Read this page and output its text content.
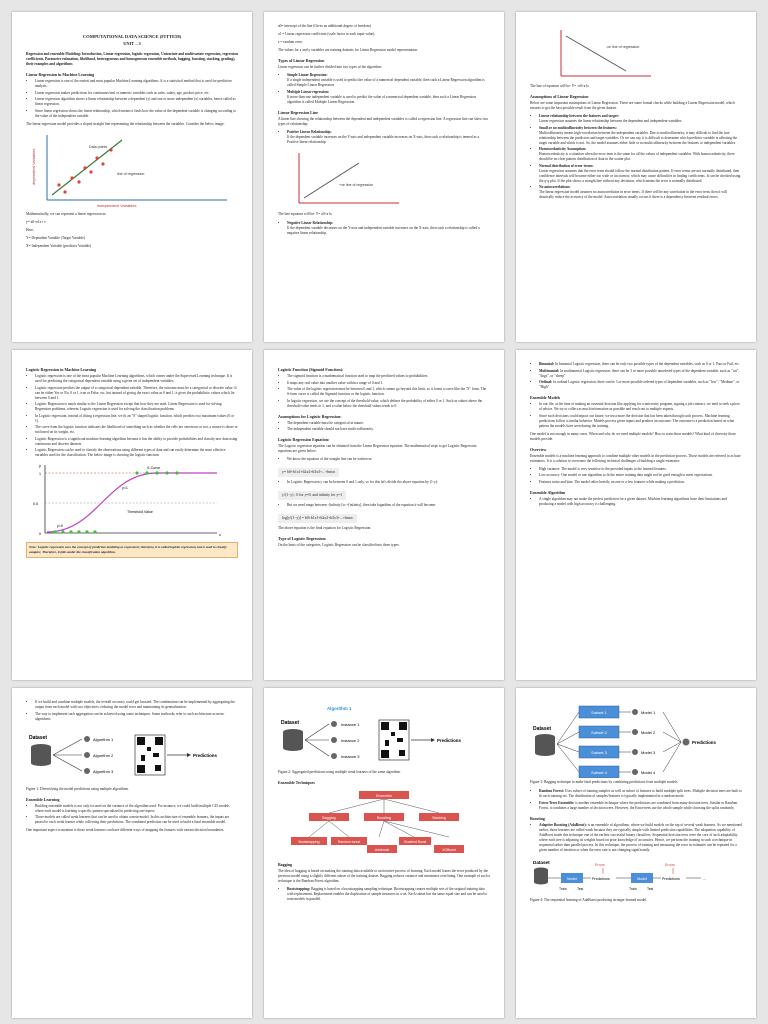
COMPUTATIONAL DATA SCIENCE (FITTE58)
UNIT – 3

Regression and ensemble Modeling: Introduction, Linear regression, logistic regression, Univariate and multivariate regression, regression coefficients, Parameter estimation, likelihood, heterogeneous and homogeneous ensemble methods, bagging, boosting, stacking, grading), their examples and algorithms

Linear Regression in Machine Learning
• Linear regression is one of the easiest and most popular Machine Learning algorithms. It is a statistical method that is used for predictive analysis.
• Linear regression makes predictions for continuous/real or numeric variables such as sales, salary, age, product price, etc.
• Linear regression algorithm shows a linear relationship between a dependent (y) and one or more independent (x) variables, hence called as linear regression.
• Since linear regression shows the linear relationship, which means it finds how the value of the dependent variable is changing according to the value of the independent variable.

The linear regression model provides a sloped straight line representing the relationship between the variables. Consider the below image:

dependent Variables
independent Variables
line of regression
Data points

Mathematically, we can represent a linear regression as:

y= a0+a1x+ ε

Here,

Y= Dependent Variable (Target Variable)

X= Independent Variable (predictor Variable)

a0= intercept of the line (Gives an additional degree of freedom)

a1 = Linear regression coefficient (scale factor to each input value).

ε = random error

The values for x and y variables are training datasets for Linear Regression model representation.

Types of Linear Regression

Linear regression can be further divided into two types of the algorithm:

• Simple Linear Regression:
If a single independent variable is used to predict the value of a numerical dependent variable, then such a Linear Regression algorithm is called Simple Linear Regression.
• Multiple Linear regression:
If more than one independent variable is used to predict the value of a numerical dependent variable, then such a Linear Regression algorithm is called Multiple Linear Regression.
Linear Regression Line

A linear line showing the relationship between the dependent and independent variables is called a regression line. A regression line can show two types of relationship:

• Positive Linear Relationship:
If the dependent variable increases on the Y-axis and independent variable increases on X-axis, then such a relationship is termed as a Positive linear relationship.
+ve line of regression

The line equation will be: Y= a0+a1x

• Negative Linear Relationship:
If the dependent variable decreases on the Y-axis and independent variable increases on the X-axis, then such a relationship is called a negative linear relationship.
-ve line of regression

The line of equation will be: Y= -a0+a1x

Assumptions of Linear Regression

Below are some important assumptions of Linear Regression. These are some formal checks while building a Linear Regression model, which ensures to get the best possible result from the given dataset.

• Linear relationship between the features and target:
Linear regression assumes the linear relationship between the dependent and independent variables.
• Small or no multicollinearity between the features:
Multicollinearity means high-correlation between the independent variables. Due to multicollinearity, it may difficult to find the true relationship between the predictors and target variables. Or we can say, it is difficult to determine which predictor variable is affecting the target variable and which is not. So, the model assumes either little or no multicollinearity between the features or independent variables.
• Homoscedasticity Assumption:
Homoscedasticity is a situation when the error term is the same for all the values of independent variables. With homoscedasticity, there should be no clear pattern distribution of data in the scatter plot.
• Normal distribution of error terms:
Linear regression assumes that the error term should follow the normal distribution pattern. If error terms are not normally distributed, then confidence intervals will become either too wide or too narrow, which may cause difficulties in finding coefficients. It can be checked using the q-q plot. If the plot shows a straight line without any deviation, which means the error is normally distributed.
• No autocorrelations:
The linear regression model assumes no autocorrelation in error terms. If there will be any correlation in the error term, then it will drastically reduce the accuracy of the model. Autocorrelation usually occurs if there is a dependency between residual errors.
Logistic Regression in Machine Learning
• Logistic regression is one of the most popular Machine Learning algorithms, which comes under the Supervised Learning technique. It is used for predicting the categorical dependent variable using a given set of independent variables.
• Logistic regression predicts the output of a categorical dependent variable. Therefore, the outcome must be a categorical or discrete value. It can be either Yes or No, 0 or 1, true or False, etc. but instead of giving the exact value as 0 and 1, it gives the probabilistic values which lie between 0 and 1.
• Logistic Regression is much similar to the Linear Regression except that how they are used. Linear Regression is used for solving Regression problems, whereas Logistic regression is used for solving the classification problems.
• In Logistic regression, instead of fitting a regression line, we fit an "S" shaped logistic function, which predicts two maximum values (0 or 1).
• The curve from the logistic function indicates the likelihood of something such as whether the cells are cancerous or not, a mouse is obese or not based on its weight, etc.
• Logistic Regression is a significant machine learning algorithm because it has the ability to provide probabilities and classify new data using continuous and discrete datasets.
• Logistic Regression can be used to classify the observations using different types of data and can easily determine the most effective variables used for the classification. The below image is showing the logistic function:
y
x
1
0.5
0
y=1
S-Curve
Threshold Value
y=0
Note: Logistic regression uses the concept of predictive modeling as regression; therefore, it is called logistic regression, but is used to classify samples; Therefore, it falls under the classification algorithm.
Logistic Function (Sigmoid Function):
• The sigmoid function is a mathematical function used to map the predicted values to probabilities.
• It maps any real value into another value within a range of 0 and 1.
• The value of the logistic regression must be between 0 and 1, which cannot go beyond this limit, so it forms a curve like the "S" form. The S-form curve is called the Sigmoid function or the logistic function.
• In logistic regression, we use the concept of the threshold value, which defines the probability of either 0 or 1. Such as values above the threshold value tends to 1, and a value below the threshold values tends to 0.
Assumptions for Logistic Regression:
• The dependent variable must be categorical in nature.
• The independent variable should not have multi-collinearity.
Logistic Regression Equation:

The Logistic regression equation can be obtained from the Linear Regression equation. The mathematical steps to get Logistic Regression equations are given below:

• We know the equation of the straight line can be written as:
y= b0+b1x1+b2x2+b3x3+...+bnxn
• In Logistic Regression y can be between 0 and 1 only, so for this let's divide the above equation by (1-y):
y/(1−y) ; 0 for y=0, and infinity for y=1
• But we need range between -[infinity] to +[infinity], then take logarithm of the equation it will become:
log[y/(1−y)] = b0+b1x1+b2x2+b3x3+...+bnxn

The above equation is the final equation for Logistic Regression.

Type of Logistic Regression:

On the basis of the categories, Logistic Regression can be classified into three types:

• Binomial: In binomial Logistic regression, there can be only two possible types of the dependent variables, such as 0 or 1, Pass or Fail, etc.
• Multinomial: In multinomial Logistic regression, there can be 3 or more possible unordered types of the dependent variable, such as "cat", "dogs", or "sheep"
• Ordinal: In ordinal Logistic regression, there can be 3 or more possible ordered types of dependent variables, such as "low", "Medium", or "High".
Ensemble Models
• In our life, at the time of making an essential decision like applying for a university program, signing a job contract, we tend to seek a piece of advice. We try to collect as much information as possible and reach out to multiple experts.
• Since such decisions could impact our future, we trust more the decision that has been taken through such process. Machine learning predictions follow a similar behavior. Models process given inputs and produce an outcome. The outcome is a prediction based on what pattern the models have seen during the training.

One model is not enough in many cases. When and why do we need multiple models? How to train those models? What kind of diversity those models provide.

Overview

Ensemble models is a machine learning approach to combine multiple other models in the prediction process. Those models are referred to as base estimators. It is a solution to overcome the following technical challenges of building a single estimator:

• High variance: The model is very sensitive to the provided inputs to the learned features.
• Low accuracy: One model or one algorithm to fit the entire training data might not be good enough to meet expectations.
• Features noise and bias: The model relies heavily on one or a few features while making a prediction.
Ensemble Algorithm
• A single algorithm may not make the perfect prediction for a given dataset. Machine learning algorithms have their limitations and producing a model with high accuracy is challenging.
• If we build and combine multiple models, the overall accuracy could get boosted. The combination can be implemented by aggregating the output from each model with two objectives: reducing the model error and maintaining its generalization.
• The way to implement such aggregation can be achieved using some techniques. Some textbooks refer to such architecture as meta-algorithms.
Dataset	Algorithm 1
Algorithm 2
Algorithm 3
Predictions

Figure 1: Diversifying the model predictions using multiple algorithms.

Ensemble Learning
• Building ensemble models is not only focused on the variance of the algorithm used. For instance, we could build multiple C45 models where each model is learning a specific pattern specialized in predicting one aspect.
• Those models are called weak learners that can be used to obtain a meta-model. In this architecture of ensemble learners, the inputs are passed to each weak learner while collecting their predictions. The combined prediction can be used to build a final ensemble model.

One important aspect to mention is those weak learners can have different ways of mapping the features with variant decision boundaries.

Algorithm 1
Dataset	Instance 1
Instance 2
Instance 3
Predictions

Figure 2: Aggregated predictions using multiple weak learners of the same algorithm.

Ensemble Techniques
Ensemble
Bagging	Boosting	Stacking
Bootstrapping	Random forest
Adaboost
Gradient Boost
XGBoost
Bagging

The idea of bagging is based on making the training data available to an iterative process of learning. Each model learns the error produced by the previous model using a slightly different subset of the training dataset. Bagging reduces variance and minimizes overfitting. One example of such a technique is the Random Forest algorithm.

• Bootstrapping: Bagging is based on a bootstrapping sampling technique. Bootstrapping creates multiple sets of the original training data with replacement. Replacement enables the duplication of sample instances in a set. Each subset has the same equal size and can be used to train models in parallel.
Dataset
Subset 1
Subset 2
Subset 3
Subset 4
Model 1
Model 2
Model 3
Model 4
Predictions

Figure 3: Bagging technique to make final predictions by combining predictions from multiple models.

• Random Forest: Uses subset of training samples as well as subset of features to build multiple split trees. Multiple decision trees are built to fit each training set. The distribution of samples/features is typically implemented in a random mode.
• Extra-Trees Ensemble: is another ensemble technique where the predictions are combined from many decision trees. Similar to Random Forest, it combines a large number of decision trees. However, the Extra-trees use the whole sample while choosing the splits randomly.
Boosting
• Adaptive Boosting (AdaBoost): is an ensemble of algorithms, where we build models on the top of several weak learners. As we mentioned earlier, those learners are called weak because they are typically simple with limited prediction capabilities. The adaptation capability of AdaBoost made this technique one of the earliest successful binary classifiers. Sequential decision trees were the core of such adaptability where each tree is adjusting its weights based on prior knowledge of accuracies. Hence, we perform the training in such a technique in sequential rather than parallel process. In this technique, the process of training and measuring the error in estimates can be repeated for a given number of iteration or when the error rate is not changing significantly.
Dataset
Model	Predictions
Errors
Model	Predictions
Errors
...
Train	Test	Train	Test

Figure 4: The sequential learning of AdaBoost producing stronger learned model.
